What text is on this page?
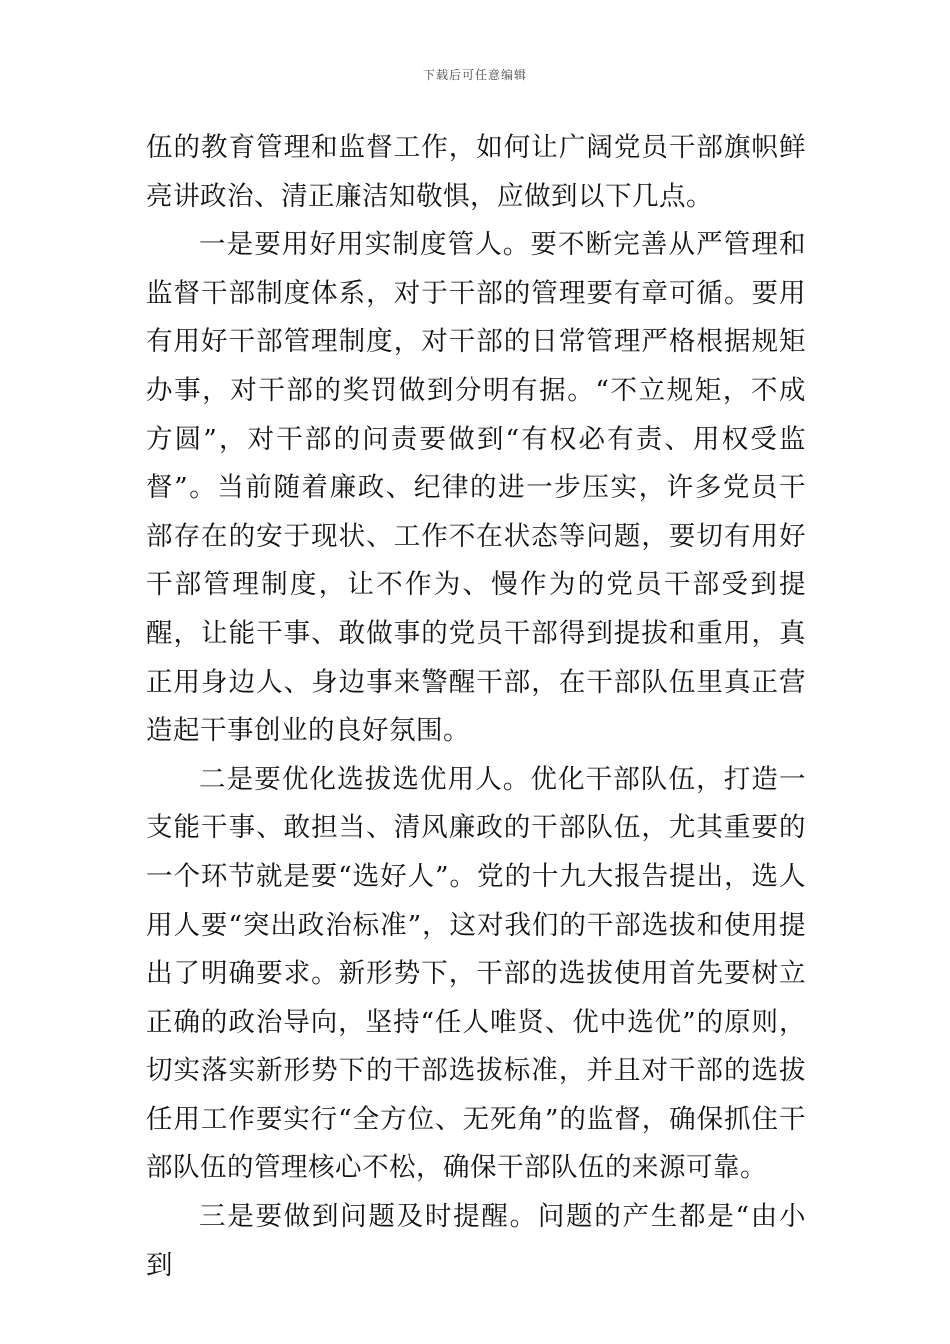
下载后可任意编辑

伍的教育管理和监督工作，如何让广阔党员干部旗帜鲜亮讲政治、清正廉洁知敬惧，应做到以下几点。

一是要用好用实制度管人。要不断完善从严管理和监督干部制度体系，对于干部的管理要有章可循。要用有用好干部管理制度，对干部的日常管理严格根据规矩办事，对干部的奖罚做到分明有据。“不立规矩，不成方圆”，对干部的问责要做到“有权必有责、用权受监督”。当前随着廉政、纪律的进一步压实，许多党员干部存在的安于现状、工作不在状态等问题，要切有用好干部管理制度，让不作为、慢作为的党员干部受到提醒，让能干事、敢做事的党员干部得到提拔和重用，真正用身边人、身边事来警醒干部，在干部队伍里真正营造起干事创业的良好氛围。

二是要优化选拔选优用人。优化干部队伍，打造一支能干事、敢担当、清风廉政的干部队伍，尤其重要的一个环节就是要“选好人”。党的十九大报告提出，选人用人要“突出政治标准”，这对我们的干部选拔和使用提出了明确要求。新形势下，干部的选拔使用首先要树立正确的政治导向，坚持“任人唯贤、优中选优”的原则，切实落实新形势下的干部选拔标准，并且对干部的选拔任用工作要实行“全方位、无死角”的监督，确保抓住干部队伍的管理核心不松，确保干部队伍的来源可靠。

三是要做到问题及时提醒。问题的产生都是“由小到
